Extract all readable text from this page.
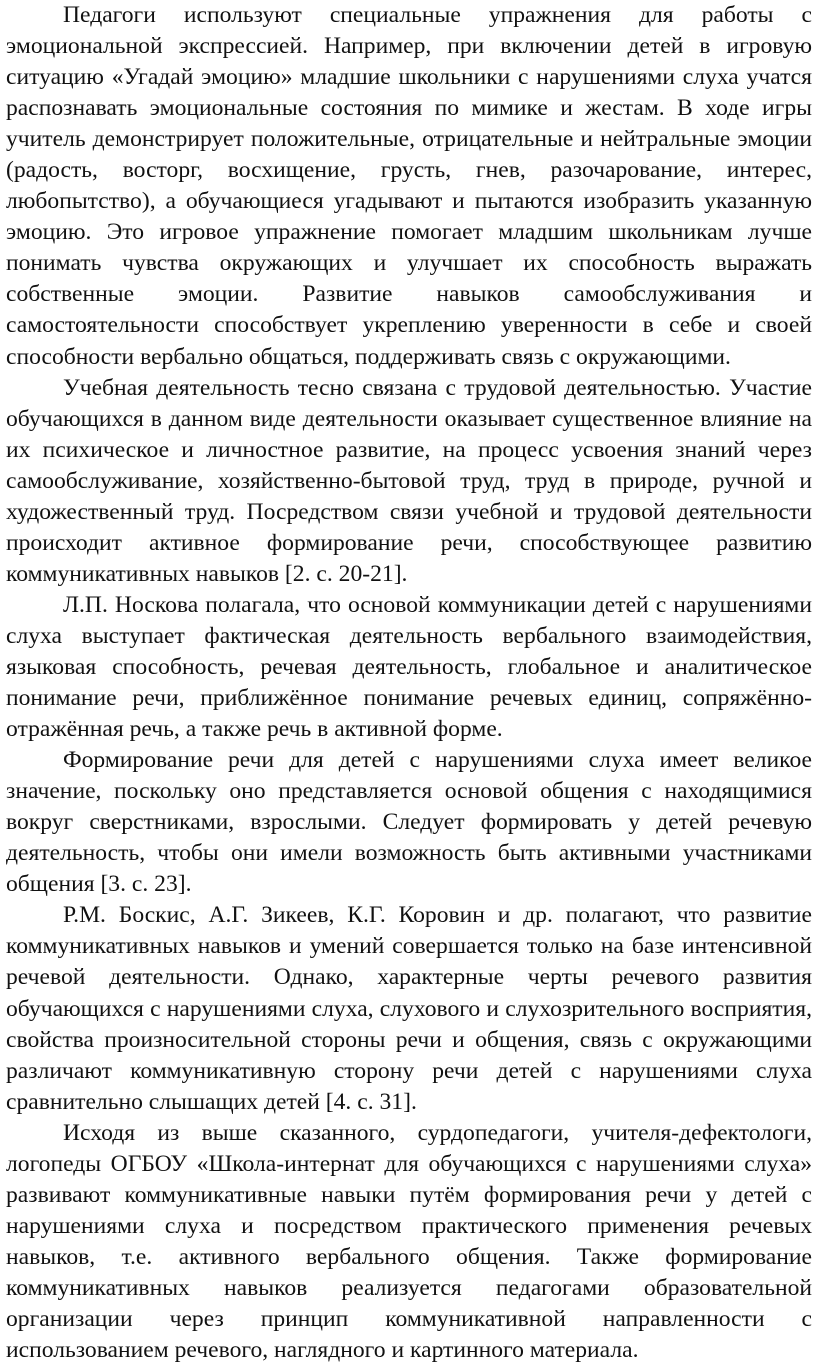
Педагоги используют специальные упражнения для работы с эмоциональной экспрессией. Например, при включении детей в игровую ситуацию «Угадай эмоцию» младшие школьники с нарушениями слуха учатся распознавать эмоциональные состояния по мимике и жестам. В ходе игры учитель демонстрирует положительные, отрицательные и нейтральные эмоции (радость, восторг, восхищение, грусть, гнев, разочарование, интерес, любопытство), а обучающиеся угадывают и пытаются изобразить указанную эмоцию. Это игровое упражнение помогает младшим школьникам лучше понимать чувства окружающих и улучшает их способность выражать собственные эмоции. Развитие навыков самообслуживания и самостоятельности способствует укреплению уверенности в себе и своей способности вербально общаться, поддерживать связь с окружающими.

Учебная деятельность тесно связана с трудовой деятельностью. Участие обучающихся в данном виде деятельности оказывает существенное влияние на их психическое и личностное развитие, на процесс усвоения знаний через самообслуживание, хозяйственно-бытовой труд, труд в природе, ручной и художественный труд. Посредством связи учебной и трудовой деятельности происходит активное формирование речи, способствующее развитию коммуникативных навыков [2. с. 20-21].

Л.П. Носкова полагала, что основой коммуникации детей с нарушениями слуха выступает фактическая деятельность вербального взаимодействия, языковая способность, речевая деятельность, глобальное и аналитическое понимание речи, приближённое понимание речевых единиц, сопряжённо-отражённая речь, а также речь в активной форме.

Формирование речи для детей с нарушениями слуха имеет великое значение, поскольку оно представляется основой общения с находящимися вокруг сверстниками, взрослыми. Следует формировать у детей речевую деятельность, чтобы они имели возможность быть активными участниками общения [3. с. 23].

Р.М. Боскис, А.Г. Зикеев, К.Г. Коровин и др. полагают, что развитие коммуникативных навыков и умений совершается только на базе интенсивной речевой деятельности. Однако, характерные черты речевого развития обучающихся с нарушениями слуха, слухового и слухозрительного восприятия, свойства произносительной стороны речи и общения, связь с окружающими различают коммуникативную сторону речи детей с нарушениями слуха сравнительно слышащих детей [4. с. 31].

Исходя из выше сказанного, сурдопедагоги, учителя-дефектологи, логопеды ОГБОУ «Школа-интернат для обучающихся с нарушениями слуха» развивают коммуникативные навыки путём формирования речи у детей с нарушениями слуха и посредством практического применения речевых навыков, т.е. активного вербального общения. Также формирование коммуникативных навыков реализуется педагогами образовательной организации через принцип коммуникативной направленности с использованием речевого, наглядного и картинного материала.
